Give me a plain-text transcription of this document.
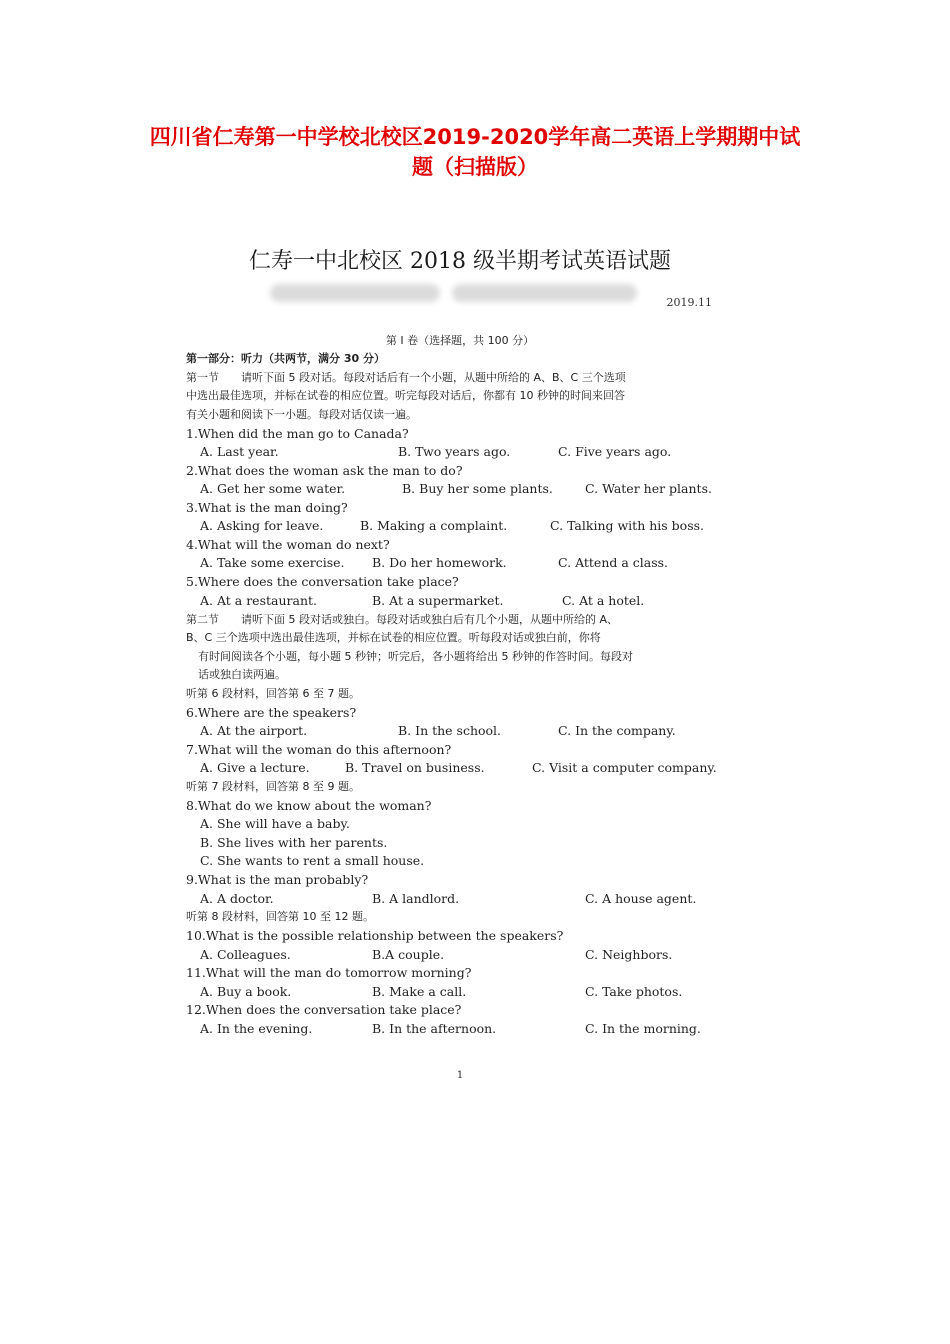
四川省仁寿第一中学校北校区2019-2020学年高二英语上学期期中试
题（扫描版）
仁寿一中北校区 2018 级半期考试英语试题
2019.11
第 I 卷（选择题，共 100 分）
第一部分：听力（共两节，满分 30 分）
第一节　　请听下面 5 段对话。每段对话后有一个小题，从题中所给的 A、B、C 三个选项
中选出最佳选项，并标在试卷的相应位置。听完每段对话后，你都有 10 秒钟的时间来回答
有关小题和阅读下一小题。每段对话仅读一遍。
1.When did the man go to Canada?
A. Last year.	B. Two years ago.	C. Five years ago.
2.What does the woman ask the man to do?
A. Get her some water.	B. Buy her some plants.	C. Water her plants.
3.What is the man doing?
A. Asking for leave.	B. Making a complaint.	C. Talking with his boss.
4.What will the woman do next?
A. Take some exercise. B. Do her homework.	C. Attend a class.
5.Where does the conversation take place?
A. At a restaurant.	B. At a supermarket.	C. At a hotel.
第二节　　请听下面 5 段对话或独白。每段对话或独白后有几个小题，从题中所给的 A、
B、C 三个选项中选出最佳选项，并标在试卷的相应位置。听每段对话或独白前，你将
有时间阅读各个小题，每小题 5 秒钟；听完后，各小题将给出 5 秒钟的作答时间。每段对
话或独白读两遍。
听第 6 段材料，回答第 6 至 7 题。
6.Where are the speakers?
A. At the airport.	B. In the school.	C. In the company.
7.What will the woman do this afternoon?
A. Give a lecture.	B. Travel on business.	C. Visit a computer company.
听第 7 段材料，回答第 8 至 9 题。
8.What do we know about the woman?
A. She will have a baby.
B. She lives with her parents.
C. She wants to rent a small house.
9.What is the man probably?
A. A doctor.	B. A landlord.	C. A house agent.
听第 8 段材料，回答第 10 至 12 题。
10.What is the possible relationship between the speakers?
A. Colleagues.	B.A couple.	C. Neighbors.
11.What will the man do tomorrow morning?
A. Buy a book.	B. Make a call.	C. Take photos.
12.When does the conversation take place?
A. In the evening.	B. In the afternoon.	C. In the morning.
1
